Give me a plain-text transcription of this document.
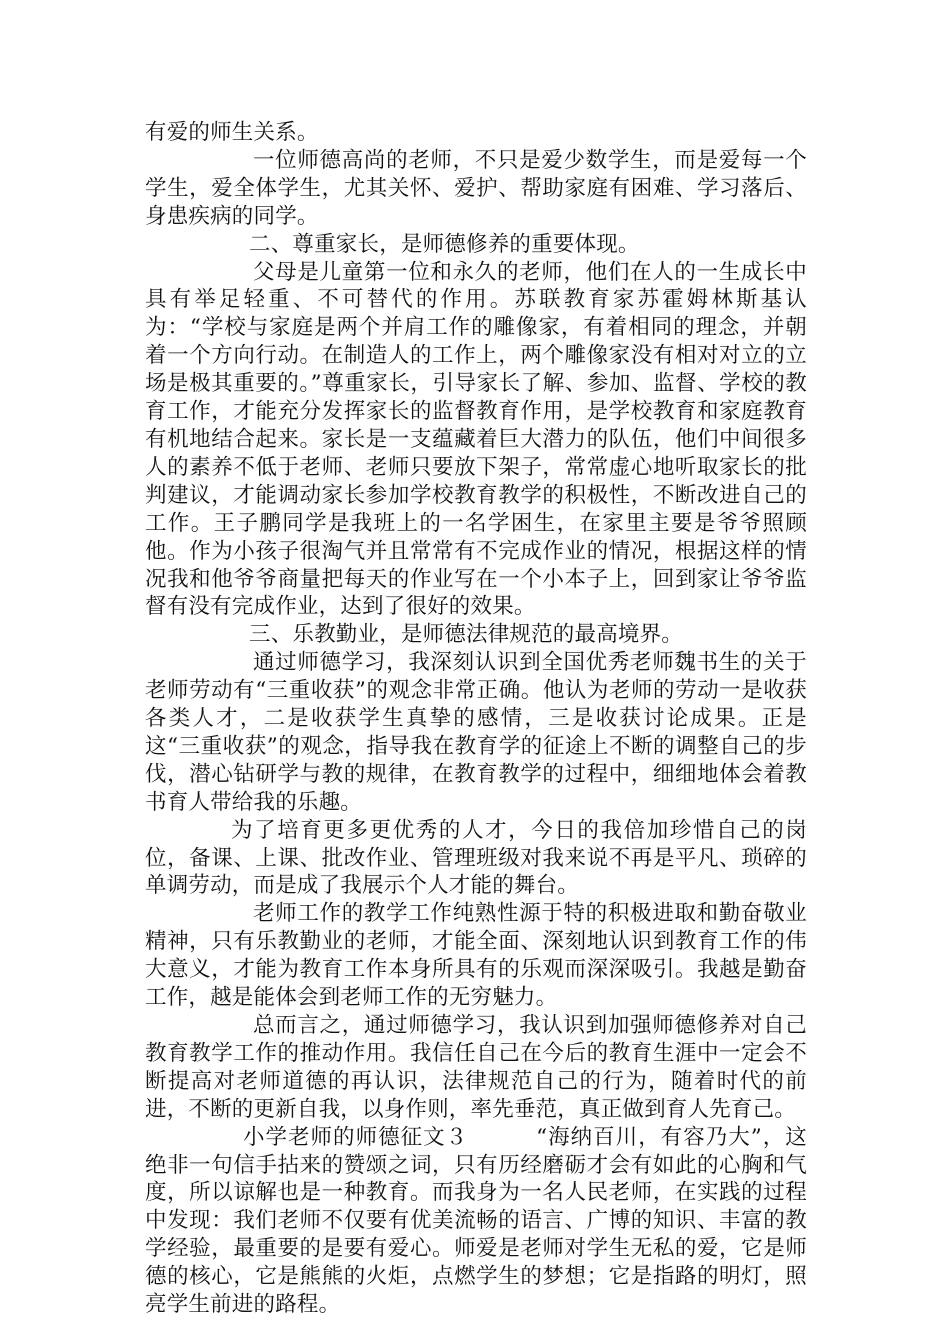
有爱的师生关系。

一位师德高尚的老师，不只是爱少数学生，而是爱每一个学生，爱全体学生，尤其关怀、爱护、帮助家庭有困难、学习落后、身患疾病的同学。

二、尊重家长，是师德修养的重要体现。

父母是儿童第一位和永久的老师，他们在人的一生成长中具有举足轻重、不可替代的作用。苏联教育家苏霍姆林斯基认为：“学校与家庭是两个并肩工作的雕像家，有着相同的理念，并朝着一个方向行动。在制造人的工作上，两个雕像家没有相对对立的立场是极其重要的。”尊重家长，引导家长了解、参加、监督、学校的教育工作，才能充分发挥家长的监督教育作用，是学校教育和家庭教育有机地结合起来。家长是一支蕴藏着巨大潜力的队伍，他们中间很多人的素养不低于老师、老师只要放下架子，常常虚心地听取家长的批判建议，才能调动家长参加学校教育教学的积极性，不断改进自己的工作。王子鹏同学是我班上的一名学困生，在家里主要是爷爷照顾他。作为小孩子很淘气并且常常有不完成作业的情况，根据这样的情况我和他爷爷商量把每天的作业写在一个小本子上，回到家让爷爷监督有没有完成作业，达到了很好的效果。

三、乐教勤业，是师德法律规范的最高境界。

通过师德学习，我深刻认识到全国优秀老师魏书生的关于老师劳动有“三重收获”的观念非常正确。他认为老师的劳动一是收获各类人才，二是收获学生真挚的感情，三是收获讨论成果。正是这“三重收获”的观念，指导我在教育学的征途上不断的调整自己的步伐，潜心钻研学与教的规律，在教育教学的过程中，细细地体会着教书育人带给我的乐趣。

为了培育更多更优秀的人才，今日的我倍加珍惜自己的岗位，备课、上课、批改作业、管理班级对我来说不再是平凡、琐碎的单调劳动，而是成了我展示个人才能的舞台。

老师工作的教学工作纯熟性源于特的积极进取和勤奋敬业精神，只有乐教勤业的老师，才能全面、深刻地认识到教育工作的伟大意义，才能为教育工作本身所具有的乐观而深深吸引。我越是勤奋工作，越是能体会到老师工作的无穷魅力。

总而言之，通过师德学习，我认识到加强师德修养对自己教育教学工作的推动作用。我信任自己在今后的教育生涯中一定会不断提高对老师道德的再认识，法律规范自己的行为，随着时代的前进，不断的更新自我，以身作则，率先垂范，真正做到育人先育己。

小学老师的师德征文３	“海纳百川，有容乃大”，这绝非一句信手拈来的赞颂之词，只有历经磨砺才会有如此的心胸和气度，所以谅解也是一种教育。而我身为一名人民老师，在实践的过程中发现：我们老师不仅要有优美流畅的语言、广博的知识、丰富的教学经验，最重要的是要有爱心。师爱是老师对学生无私的爱，它是师德的核心，它是熊熊的火炬，点燃学生的梦想；它是指路的明灯，照亮学生前进的路程。
